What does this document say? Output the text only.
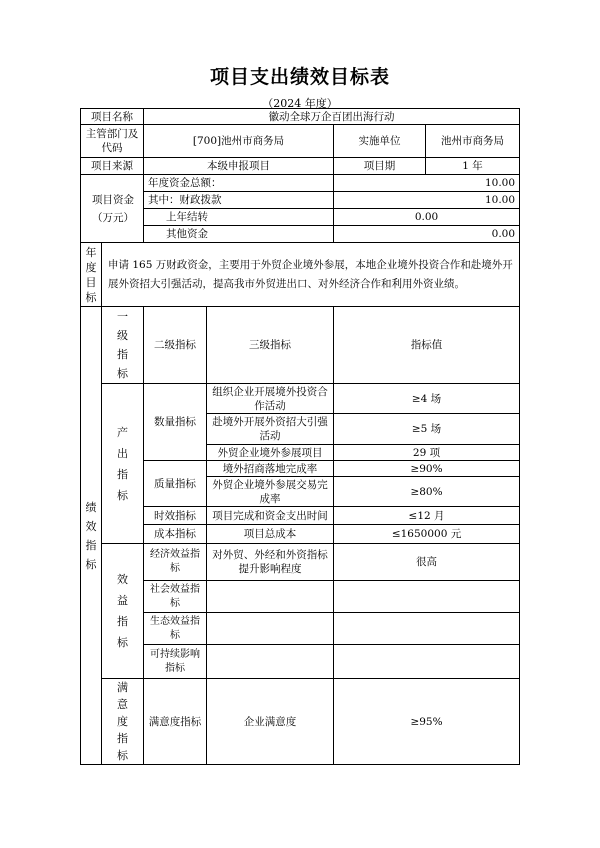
项目支出绩效目标表
（2024 年度）
项目名称		徽动全球万企百团出海行动			
主管部门及代码		[700]池州市商务局		实施单位	池州市商务局
项目来源		本级申报项目		项目期	1 年
项目资金（万元）		年度资金总额：		10.00	
		其中：财政拨款		10.00	
		上年结转		0.00	
		其他资金		0.00	
年度目标	申请 165 万财政资金，主要用于外贸企业境外参展，本地企业境外投资合作和赴境外开展外资招大引强活动，提高我市外贸进出口、对外经济合作和利用外资业绩。				
绩效指标	一级指标	二级指标	三级指标	指标值	
	产出指标	数量指标	组织企业开展境外投资合作活动	≥4 场	
			赴境外开展外资招大引强活动	≥5 场	
			外贸企业境外参展项目	29 项	
		质量指标	境外招商落地完成率	≥90%	
			外贸企业境外参展交易完成率	≥80%	
		时效指标	项目完成和资金支出时间	≤12 月	
		成本指标	项目总成本	≤1650000 元	
	效益指标	经济效益指标	对外贸、外经和外资指标提升影响程度	很高	
		社会效益指标			
		生态效益指标			
		可持续影响指标			
	满意度指标	满意度指标	企业满意度	≥95%	
